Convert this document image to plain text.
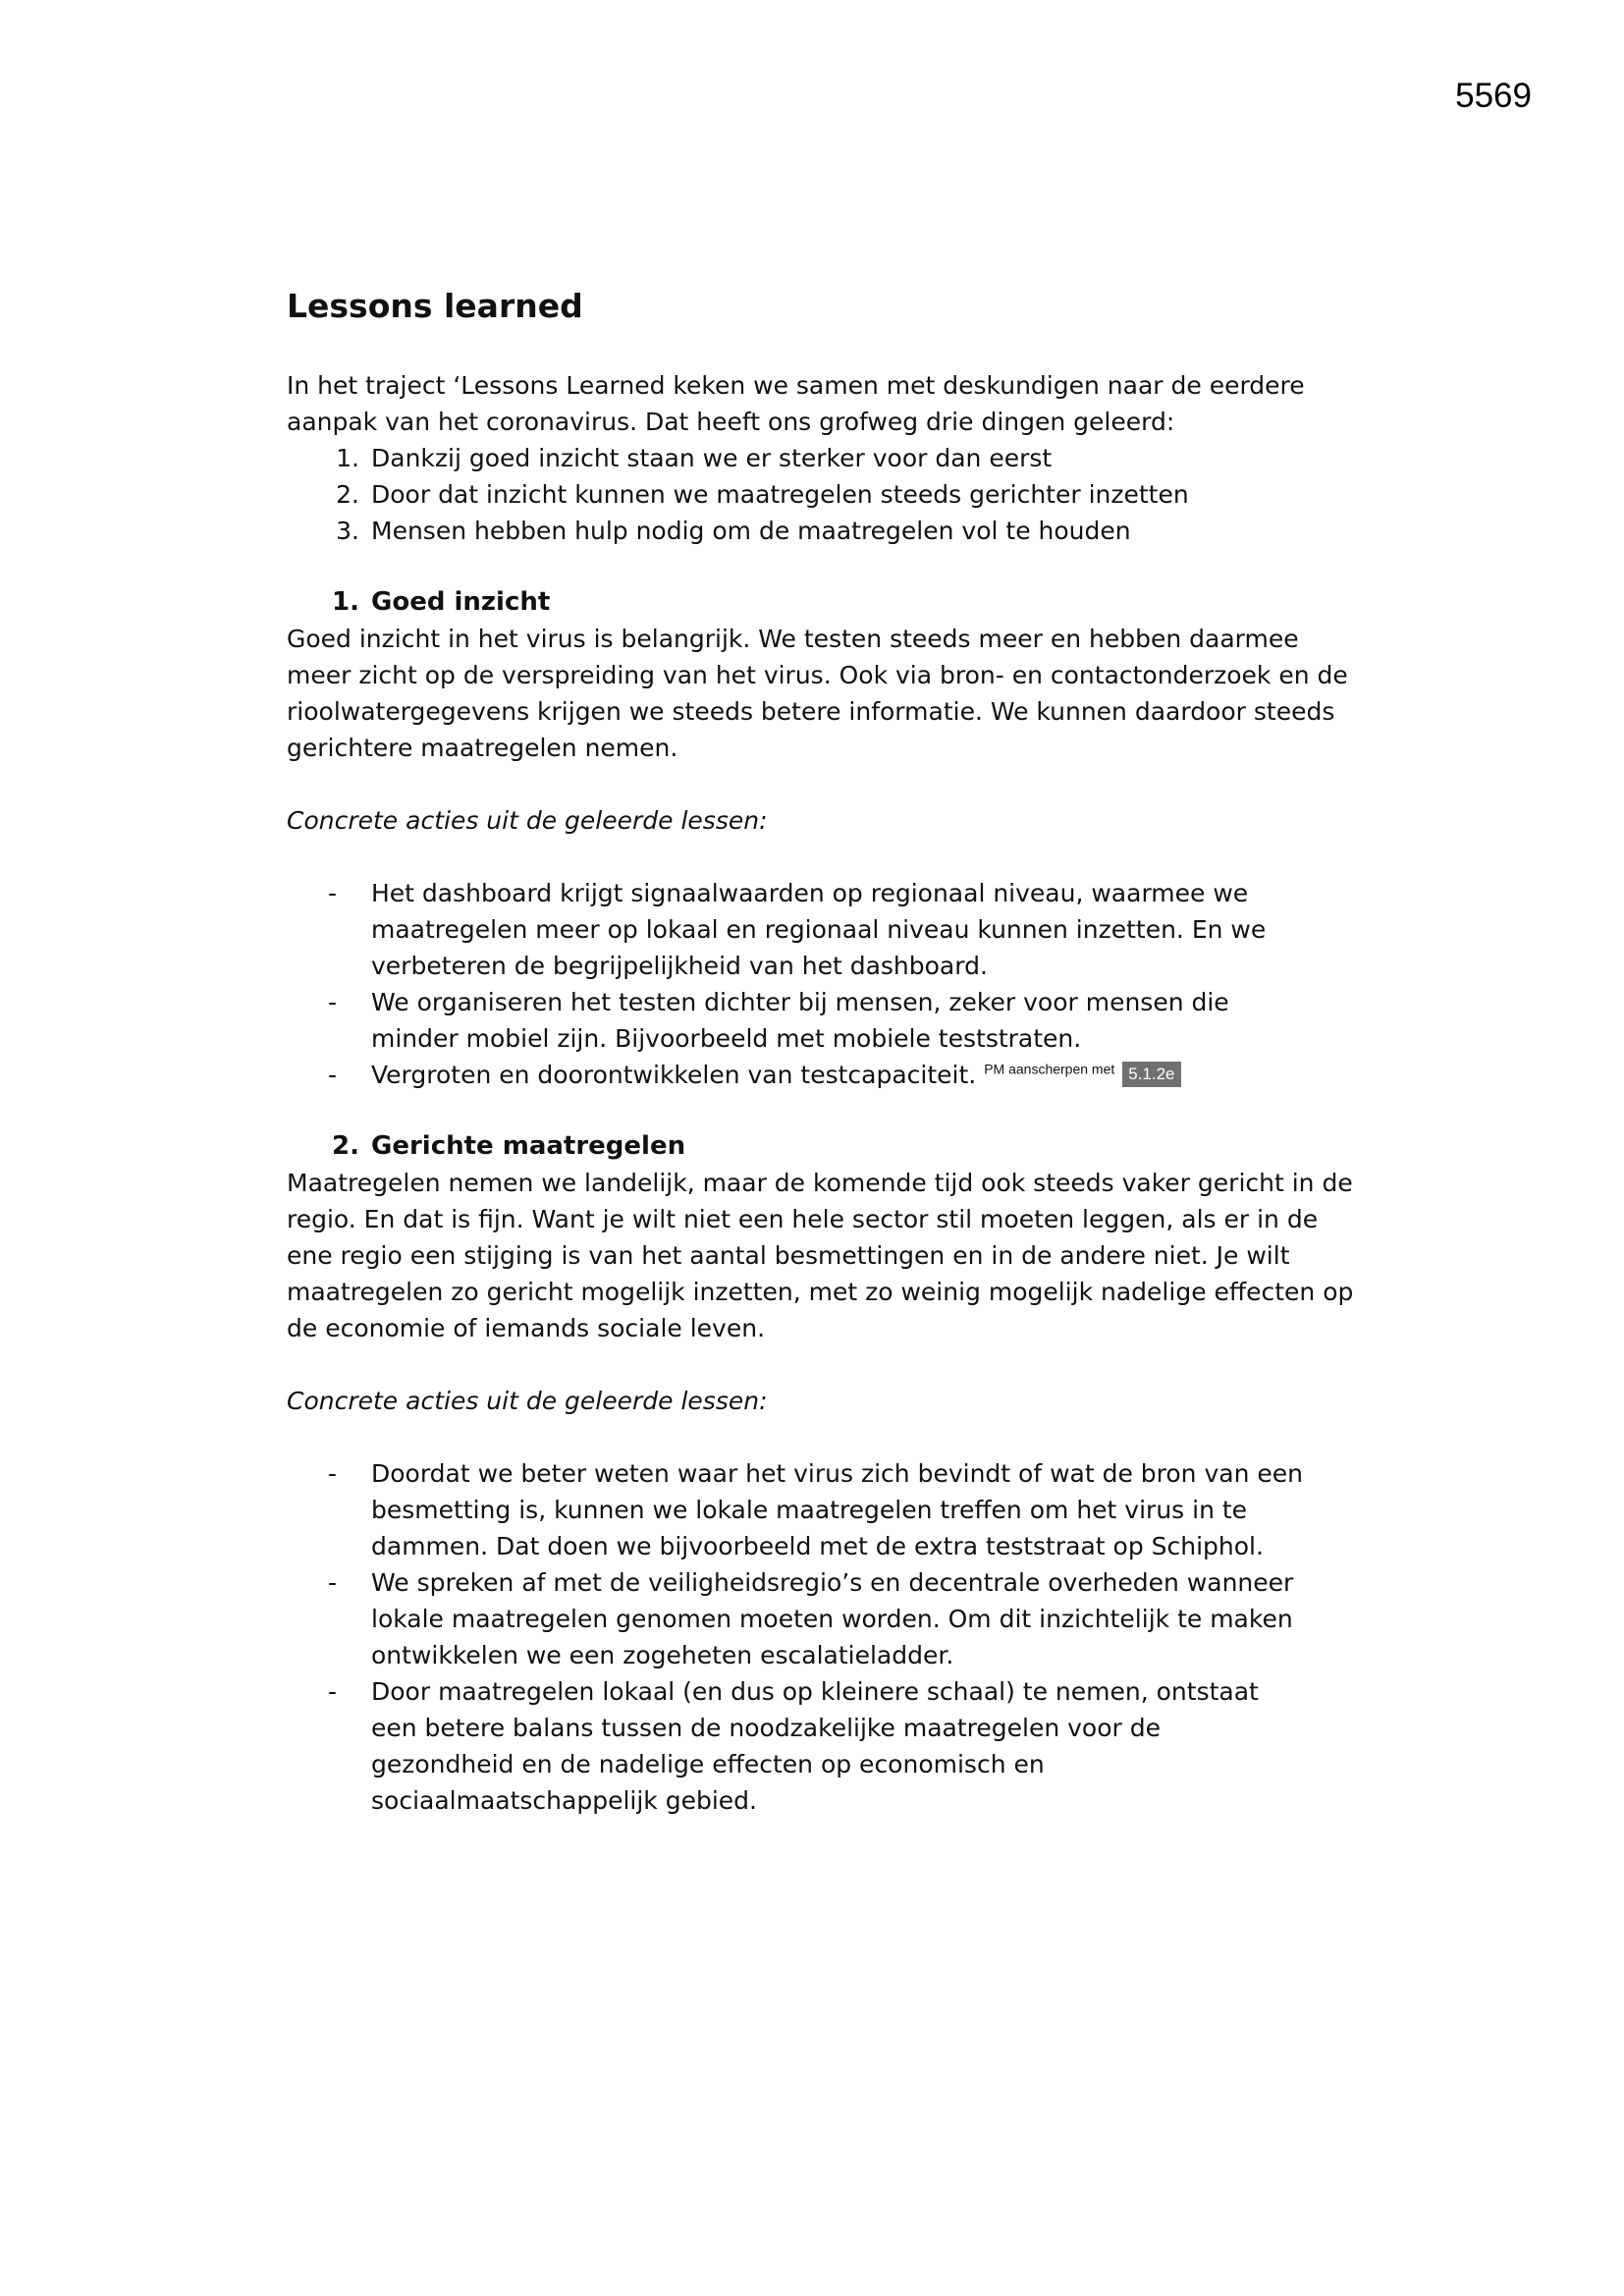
5569
Lessons learned

In het traject ‘Lessons Learned keken we samen met deskundigen naar de eerdere aanpak van het coronavirus. Dat heeft ons grofweg drie dingen geleerd:

1. Dankzij goed inzicht staan we er sterker voor dan eerst
2. Door dat inzicht kunnen we maatregelen steeds gerichter inzetten
3. Mensen hebben hulp nodig om de maatregelen vol te houden
1. Goed inzicht

Goed inzicht in het virus is belangrijk. We testen steeds meer en hebben daarmee meer zicht op de verspreiding van het virus. Ook via bron- en contactonderzoek en de rioolwatergegevens krijgen we steeds betere informatie. We kunnen daardoor steeds gerichtere maatregelen nemen.

Concrete acties uit de geleerde lessen:

-	Het dashboard krijgt signaalwaarden op regionaal niveau, waarmee we maatregelen meer op lokaal en regionaal niveau kunnen inzetten. En we verbeteren de begrijpelijkheid van het dashboard.
-	We organiseren het testen dichter bij mensen, zeker voor mensen die minder mobiel zijn. Bijvoorbeeld met mobiele teststraten.
-	Vergroten en doorontwikkelen van testcapaciteit. $^{PM aanscherpen met}$ 5.1.2e
2. Gerichte maatregelen

Maatregelen nemen we landelijk, maar de komende tijd ook steeds vaker gericht in de regio. En dat is fijn. Want je wilt niet een hele sector stil moeten leggen, als er in de ene regio een stijging is van het aantal besmettingen en in de andere niet. Je wilt maatregelen zo gericht mogelijk inzetten, met zo weinig mogelijk nadelige effecten op de economie of iemands sociale leven.

Concrete acties uit de geleerde lessen:

-	Doordat we beter weten waar het virus zich bevindt of wat de bron van een besmetting is, kunnen we lokale maatregelen treffen om het virus in te dammen. Dat doen we bijvoorbeeld met de extra teststraat op Schiphol.
-	We spreken af met de veiligheidsregio’s en decentrale overheden wanneer lokale maatregelen genomen moeten worden. Om dit inzichtelijk te maken ontwikkelen we een zogeheten escalatieladder.
-	Door maatregelen lokaal (en dus op kleinere schaal) te nemen, ontstaat een betere balans tussen de noodzakelijke maatregelen voor de gezondheid en de nadelige effecten op economisch en sociaalmaatschappelijk gebied.
